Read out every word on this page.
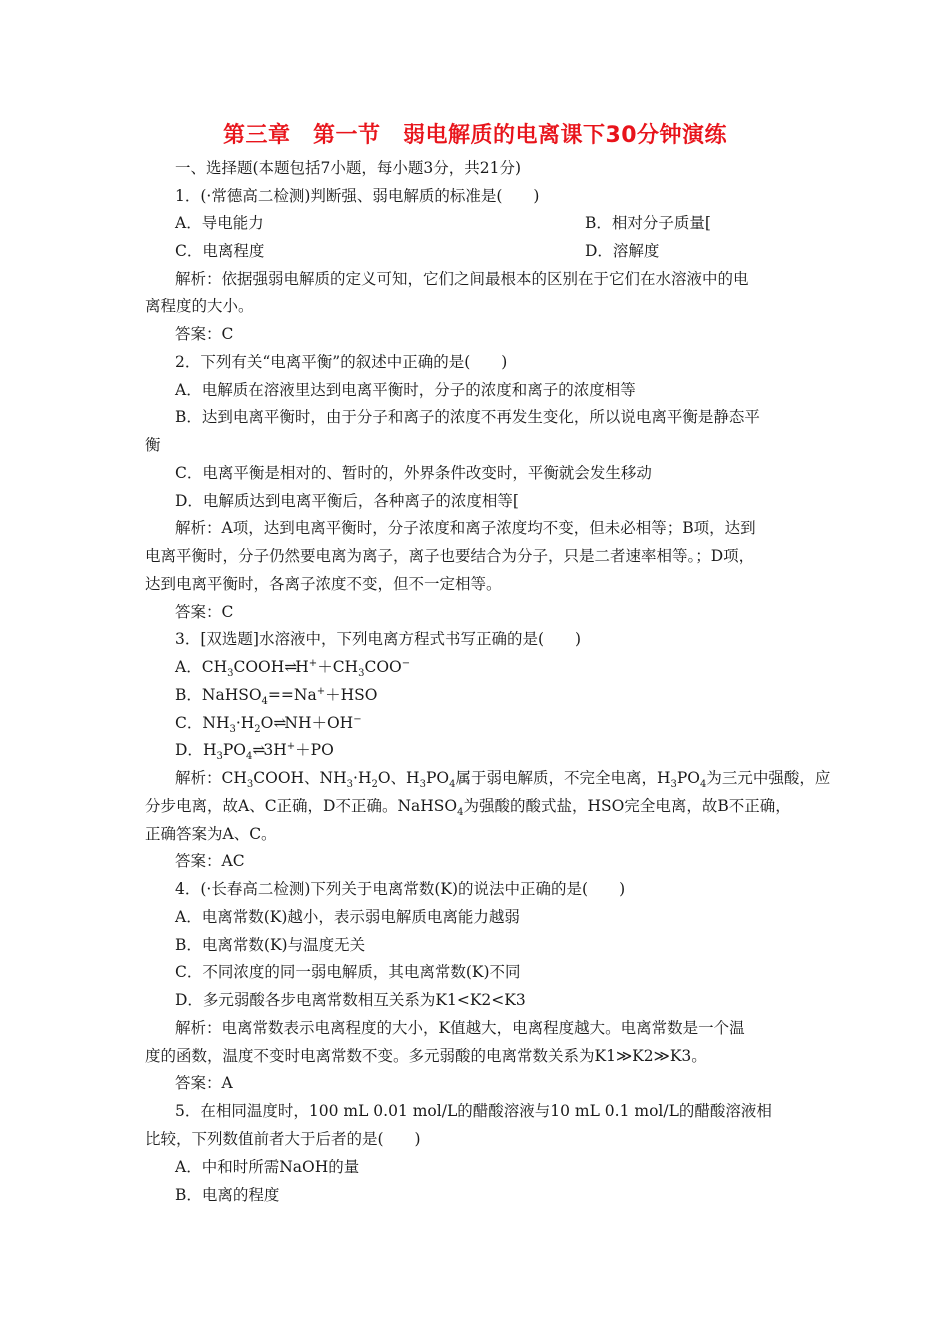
第三章　第一节　弱电解质的电离课下30分钟演练
一、选择题(本题包括7小题，每小题3分，共21分)
1．(·常德高二检测)判断强、弱电解质的标准是(　　)
A．导电能力	B．相对分子质量[
C．电离程度	D．溶解度
解析：依据强弱电解质的定义可知，它们之间最根本的区别在于它们在水溶液中的电
离程度的大小。
答案：C
2．下列有关“电离平衡”的叙述中正确的是(　　)
A．电解质在溶液里达到电离平衡时，分子的浓度和离子的浓度相等
B．达到电离平衡时，由于分子和离子的浓度不再发生变化，所以说电离平衡是静态平
衡
C．电离平衡是相对的、暂时的，外界条件改变时，平衡就会发生移动
D．电解质达到电离平衡后，各种离子的浓度相等[
解析：A项，达到电离平衡时，分子浓度和离子浓度均不变，但未必相等；B项，达到
电离平衡时，分子仍然要电离为离子，离子也要结合为分子，只是二者速率相等。；D项，
达到电离平衡时，各离子浓度不变，但不一定相等。
答案：C
3．[双选题]水溶液中，下列电离方程式书写正确的是(　　)
A．$CH_3COOH\rightleftharpoons H^++CH_3COO^-$
B．NaHSO$_4$==Na+＋HSO
C．$NH_3\cdot H_2O\rightleftharpoons NH+OH^-$
D．$H_3PO_4\rightleftharpoons 3H^++PO$
解析：$CH_3COOH$、$NH_3\cdot H_2O$、$H_3PO_4$属于弱电解质，不完全电离，$H_3PO_4$为三元中强酸，应
分步电离，故A、C正确，D不正确。NaHSO$_4$为强酸的酸式盐，HSO完全电离，故B不正确，
正确答案为A、C。
答案：AC
4．(·长春高二检测)下列关于电离常数(K)的说法中正确的是(　　)
A．电离常数(K)越小，表示弱电解质电离能力越弱
B．电离常数(K)与温度无关
C．不同浓度的同一弱电解质，其电离常数(K)不同
D．多元弱酸各步电离常数相互关系为K1<K2<K3
解析：电离常数表示电离程度的大小，K值越大，电离程度越大。电离常数是一个温
度的函数，温度不变时电离常数不变。多元弱酸的电离常数关系为K1≫K2≫K3。
答案：A
5．在相同温度时，100 mL 0.01 mol/L的醋酸溶液与10 mL 0.1 mol/L的醋酸溶液相
比较，下列数值前者大于后者的是(　　)
A．中和时所需NaOH的量
B．电离的程度
